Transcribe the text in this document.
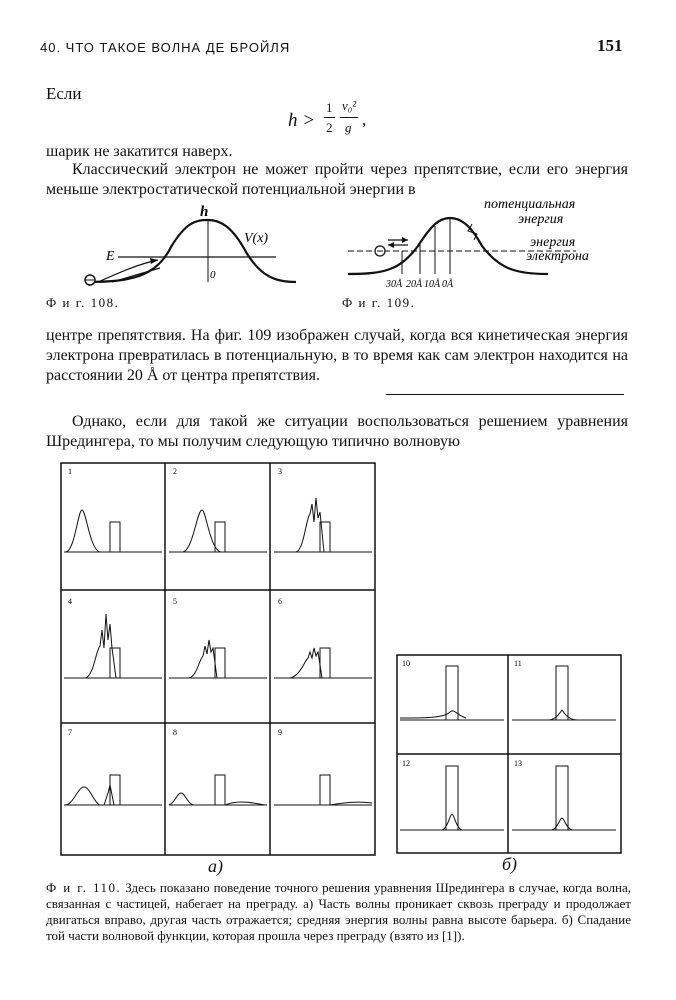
40. ЧТО ТАКОЕ ВОЛНА ДЕ БРОЙЛЯ	151
Если
h >
1
2
v₀²
g ,
шарик не закатится наверх.
Классический электрон не может пройти через препятствие, если его энергия меньше электростатической потенциальной энергии в
h
E
V(x)
0
Ф и г. 108.
потенциальная
энергия
энергия
электрона
30Å 20Å 10Å 0Å
Ф и г. 109.
центре препятствия. На фиг. 109 изображен случай, когда вся кинетическая энергия электрона превратилась в потенциальную, в то время как сам электрон находится на расстоянии 20 Å от центра препятствия.
Однако, если для такой же ситуации воспользоваться решением уравнения Шредингера, то мы получим следующую типично волновую
1	2	3
4	5	6
7	8	9
10	11
12	13
а)	б)
Ф и г. 110. Здесь показано поведение точного решения уравнения Шредингера в случае, когда волна, связанная с частицей, набегает на преграду. а) Часть волны проникает сквозь преграду и продолжает двигаться вправо, другая часть отражается; средняя энергия волны равна высоте барьера. б) Спадание той части волновой функции, которая прошла через преграду (взято из [1]).
